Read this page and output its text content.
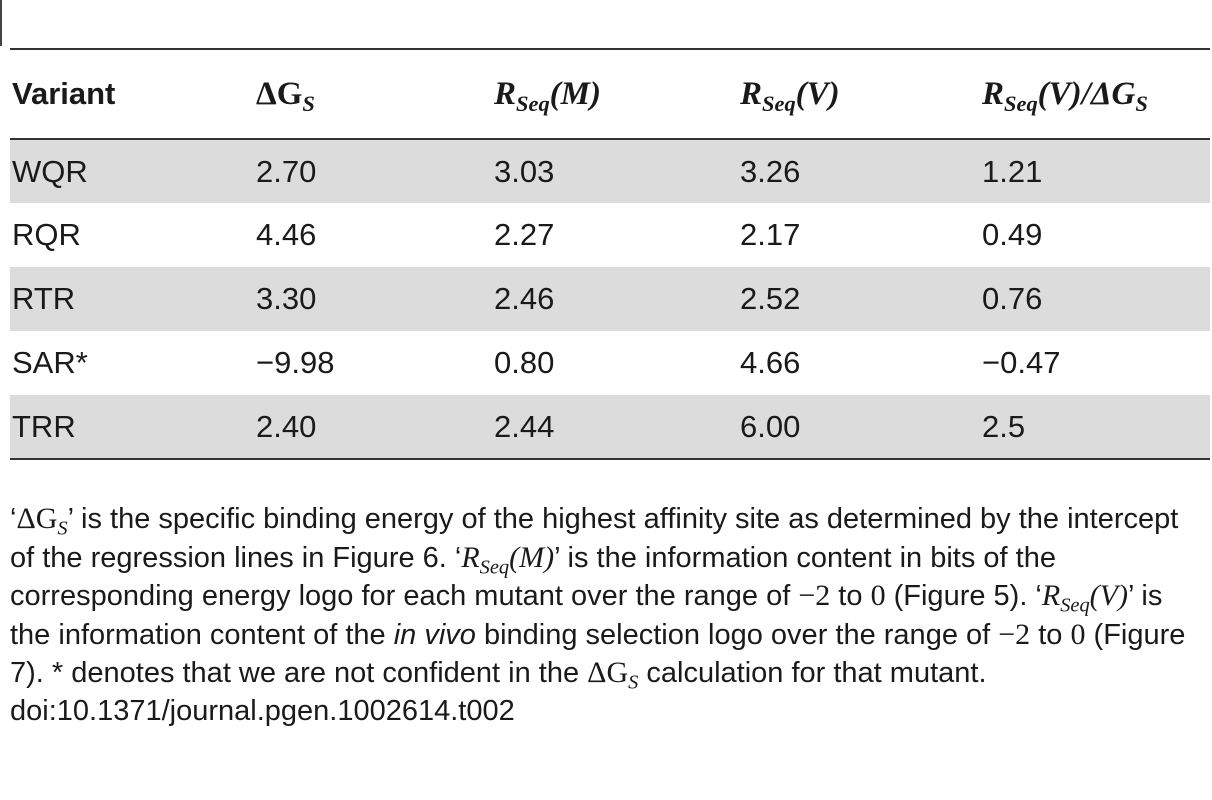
Variant	$\Delta G_S$	$R_{Seq}(M)$	$R_{Seq}(V)$	$R_{Seq}(V)/\Delta G_S$
WQR	2.70	3.03	3.26	1.21
RQR	4.46	2.27	2.17	0.49
RTR	3.30	2.46	2.52	0.76
SAR*	−9.98	0.80	4.66	−0.47
TRR	2.40	2.44	6.00	2.5
‘$\Delta G_S$’ is the specific binding energy of the highest affinity site as determined by the intercept of the regression lines in Figure 6. ‘$R_{Seq}(M)$’ is the information content in bits of the corresponding energy logo for each mutant over the range of −2 to 0 (Figure 5). ‘$R_{Seq}(V)$’ is the information content of the in vivo binding selection logo over the range of −2 to 0 (Figure 7). * denotes that we are not confident in the $\Delta G_S$ calculation for that mutant.
doi:10.1371/journal.pgen.1002614.t002
